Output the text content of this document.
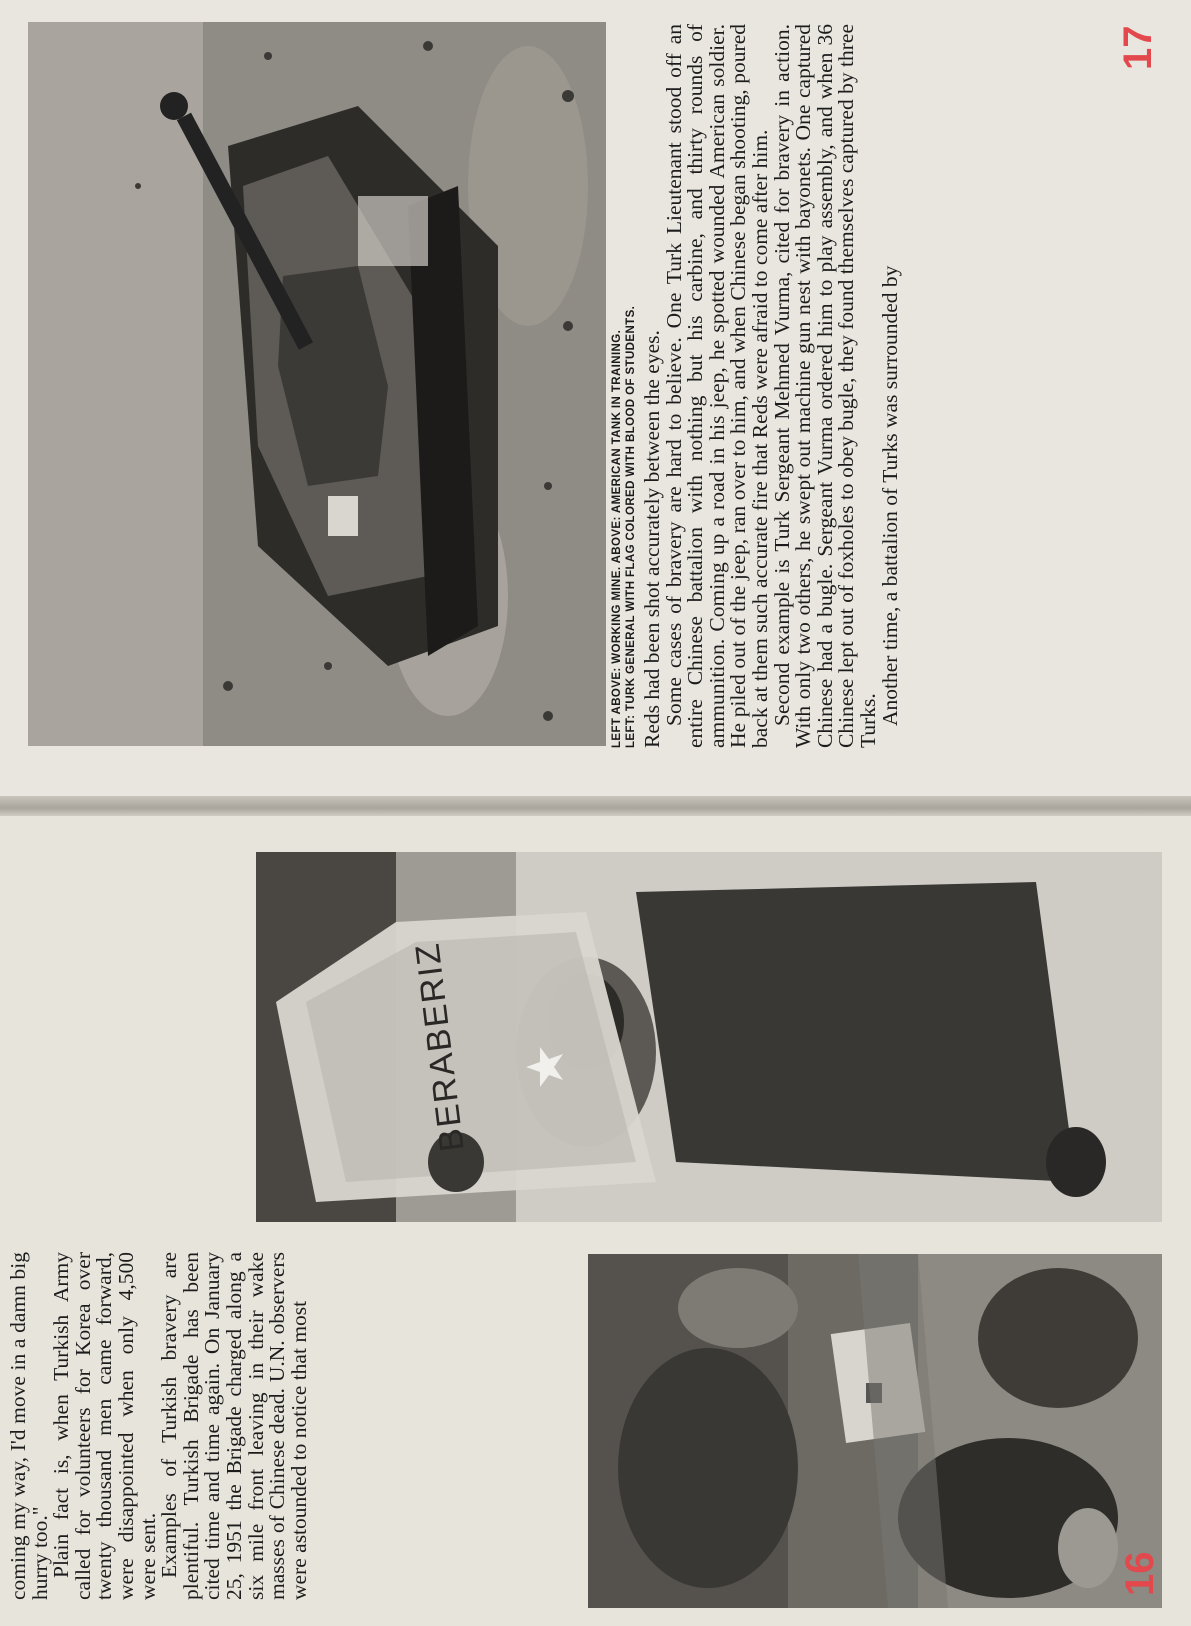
BERABERIZ

coming my way, I'd move in a damn big hurry too."

Plain fact is, when Turkish Army called for volunteers for Korea over twenty thousand men came forward, were disappointed when only 4,500 were sent.

Examples of Turkish bravery are plentiful. Turkish Brigade has been cited time and time again. On January 25, 1951 the Brigade charged along a six mile front leaving in their wake masses of Chinese dead. U.N. observers were astounded to notice that most	16
LEFT ABOVE: WORKING MINE. ABOVE: AMERICAN TANK IN TRAINING. LEFT: TURK GENERAL WITH FLAG COLORED WITH BLOOD OF STUDENTS. Reds had been shot accurately between the eyes.

Some cases of bravery are hard to believe. One Turk Lieutenant stood off an entire Chinese battalion with nothing but his carbine, and thirty rounds of ammunition. Coming up a road in his jeep, he spotted wounded American soldier. He piled out of the jeep, ran over to him, and when Chinese began shooting, poured back at them such accurate fire that Reds were afraid to come after him.

Second example is Turk Sergeant Mehmed Vurma, cited for bravery in action. With only two others, he swept out machine gun nest with bayonets. One captured Chinese had a bugle. Sergeant Vurma ordered him to play assembly, and when 36 Chinese lept out of foxholes to obey bugle, they found themselves captured by three Turks.

Another time, a battalion of Turks was surrounded by

17
